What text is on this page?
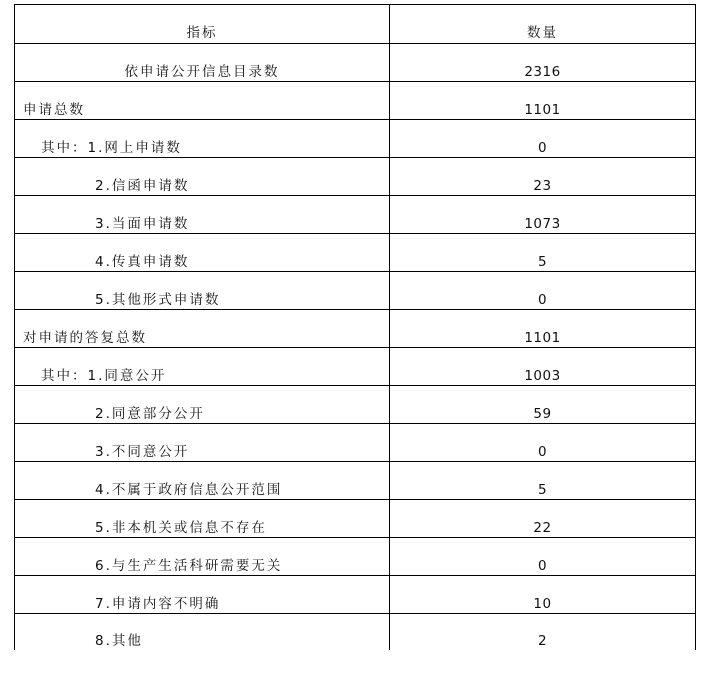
指标	数量
依申请公开信息目录数	2316
申请总数	1101
其中：1.网上申请数	0
2.信函申请数	23
3.当面申请数	1073
4.传真申请数	5
5.其他形式申请数	0
对申请的答复总数	1101
其中：1.同意公开	1003
2.同意部分公开	59
3.不同意公开	0
4.不属于政府信息公开范围	5
5.非本机关或信息不存在	22
6.与生产生活科研需要无关	0
7.申请内容不明确	10
8.其他	2
